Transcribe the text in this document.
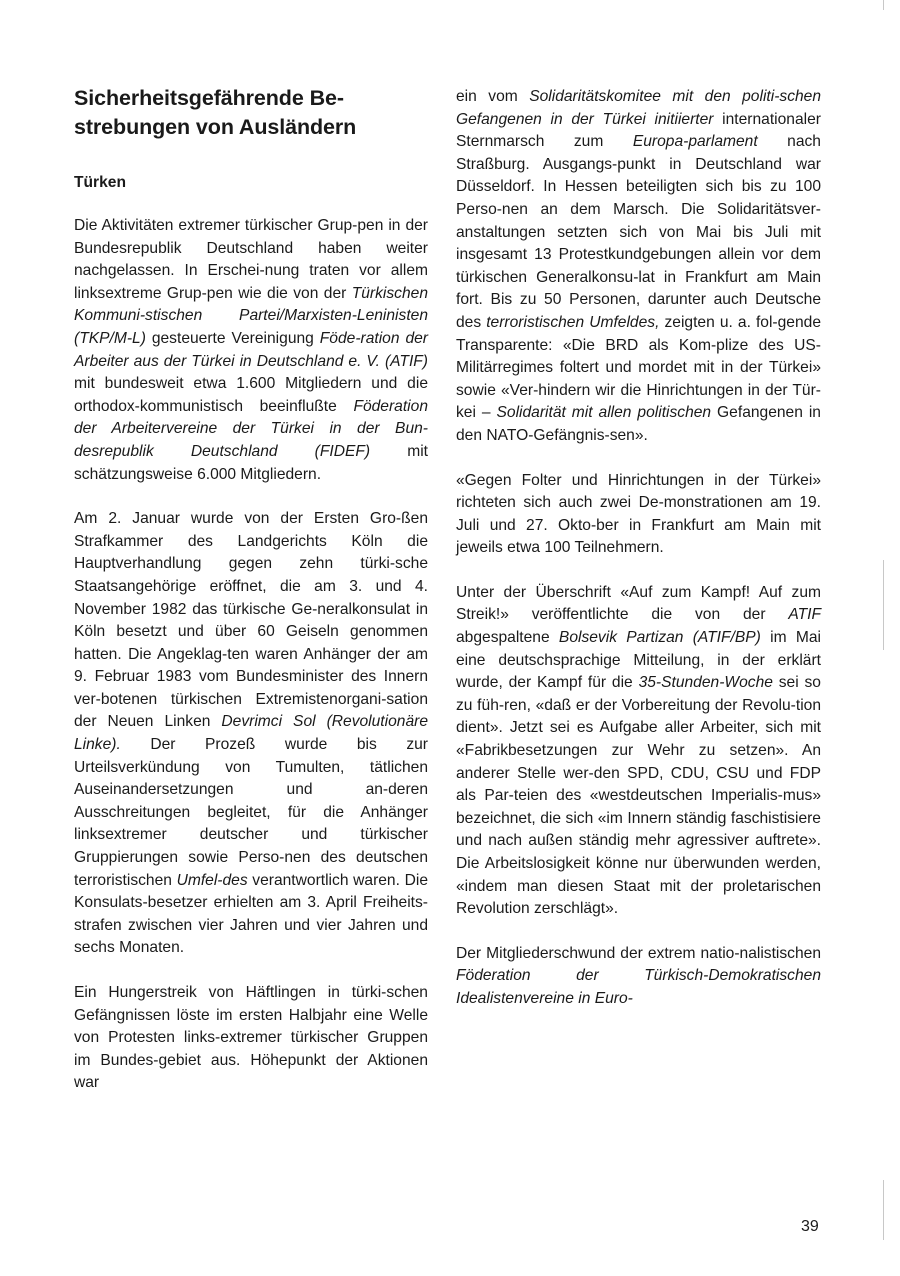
Sicherheitsgefährende Be-strebungen von Ausländern
Türken

Die Aktivitäten extremer türkischer Grup-pen in der Bundesrepublik Deutschland haben weiter nachgelassen. In Erschei-nung traten vor allem linksextreme Grup-pen wie die von der Türkischen Kommuni-stischen Partei/Marxisten-Leninisten (TKP/M-L) gesteuerte Vereinigung Föde-ration der Arbeiter aus der Türkei in Deutschland e. V. (ATIF) mit bundesweit etwa 1.600 Mitgliedern und die orthodox-kommunistisch beeinflußte Föderation der Arbeitervereine der Türkei in der Bun-desrepublik Deutschland (FIDEF) mit schätzungsweise 6.000 Mitgliedern.

Am 2. Januar wurde von der Ersten Gro-ßen Strafkammer des Landgerichts Köln die Hauptverhandlung gegen zehn türki-sche Staatsangehörige eröffnet, die am 3. und 4. November 1982 das türkische Ge-neralkonsulat in Köln besetzt und über 60 Geiseln genommen hatten. Die Angeklag-ten waren Anhänger der am 9. Februar 1983 vom Bundesminister des Innern ver-botenen türkischen Extremistenorgani-sation der Neuen Linken Devrimci Sol (Revolutionäre Linke). Der Prozeß wurde bis zur Urteilsverkündung von Tumulten, tätlichen Auseinandersetzungen und an-deren Ausschreitungen begleitet, für die Anhänger linksextremer deutscher und türkischer Gruppierungen sowie Perso-nen des deutschen terroristischen Umfel-des verantwortlich waren. Die Konsulats-besetzer erhielten am 3. April Freiheits-strafen zwischen vier Jahren und vier Jahren und sechs Monaten.

Ein Hungerstreik von Häftlingen in türki-schen Gefängnissen löste im ersten Halbjahr eine Welle von Protesten links-extremer türkischer Gruppen im Bundes-gebiet aus. Höhepunkt der Aktionen war

ein vom Solidaritätskomitee mit den politi-schen Gefangenen in der Türkei initiierter internationaler Sternmarsch zum Europa-parlament nach Straßburg. Ausgangs-punkt in Deutschland war Düsseldorf. In Hessen beteiligten sich bis zu 100 Perso-nen an dem Marsch. Die Solidaritätsver-anstaltungen setzten sich von Mai bis Juli mit insgesamt 13 Protestkundgebungen allein vor dem türkischen Generalkonsu-lat in Frankfurt am Main fort. Bis zu 50 Personen, darunter auch Deutsche des terroristischen Umfeldes, zeigten u. a. fol-gende Transparente: «Die BRD als Kom-plize des US-Militärregimes foltert und mordet mit in der Türkei» sowie «Ver-hindern wir die Hinrichtungen in der Tür-kei – Solidarität mit allen politischen Gefangenen in den NATO-Gefängnis-sen».

«Gegen Folter und Hinrichtungen in der Türkei» richteten sich auch zwei De-monstrationen am 19. Juli und 27. Okto-ber in Frankfurt am Main mit jeweils etwa 100 Teilnehmern.

Unter der Überschrift «Auf zum Kampf! Auf zum Streik!» veröffentlichte die von der ATIF abgespaltene Bolsevik Partizan (ATIF/BP) im Mai eine deutschsprachige Mitteilung, in der erklärt wurde, der Kampf für die 35-Stunden-Woche sei so zu füh-ren, «daß er der Vorbereitung der Revolu-tion dient». Jetzt sei es Aufgabe aller Arbeiter, sich mit «Fabrikbesetzungen zur Wehr zu setzen». An anderer Stelle wer-den SPD, CDU, CSU und FDP als Par-teien des «westdeutschen Imperialis-mus» bezeichnet, die sich «im Innern ständig faschistisiere und nach außen ständig mehr agressiver auftrete». Die Arbeitslosigkeit könne nur überwunden werden, «indem man diesen Staat mit der proletarischen Revolution zerschlägt».

Der Mitgliederschwund der extrem natio-nalistischen Föderation der Türkisch-Demokratischen Idealistenvereine in Euro-

39
